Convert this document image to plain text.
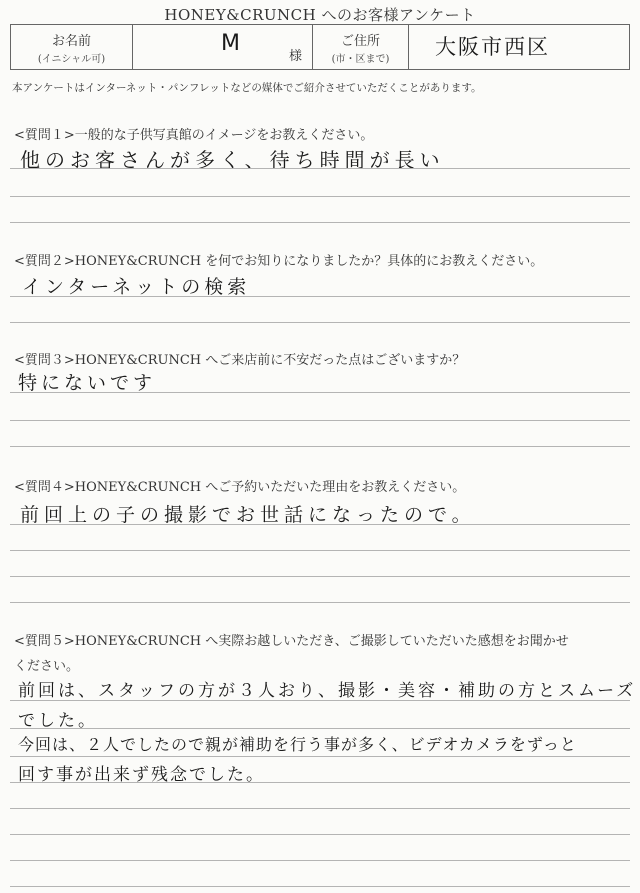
HONEY&CRUNCH へのお客様アンケート
お名前
(イニシャル可)
M
様
ご住所
(市・区まで)
大阪市西区
本アンケートはインターネット・パンフレットなどの媒体でご紹介させていただくことがあります。
<質問１>一般的な子供写真館のイメージをお教えください。
他のお客さんが多く、待ち時間が長い
<質問２>HONEY&CRUNCH を何でお知りになりましたか？具体的にお教えください。
インターネットの検索
<質問３>HONEY&CRUNCH へご来店前に不安だった点はございますか？
特にないです
<質問４>HONEY&CRUNCH へご予約いただいた理由をお教えください。
前回上の子の撮影でお世話になったので。
<質問５>HONEY&CRUNCH へ実際お越しいただき、ご撮影していただいた感想をお聞かせ
ください。
前回は、スタッフの方が３人おり、撮影・美容・補助の方とスムーズ
でした。
今回は、２人でしたので親が補助を行う事が多く、ビデオカメラをずっと
回す事が出来ず残念でした。
